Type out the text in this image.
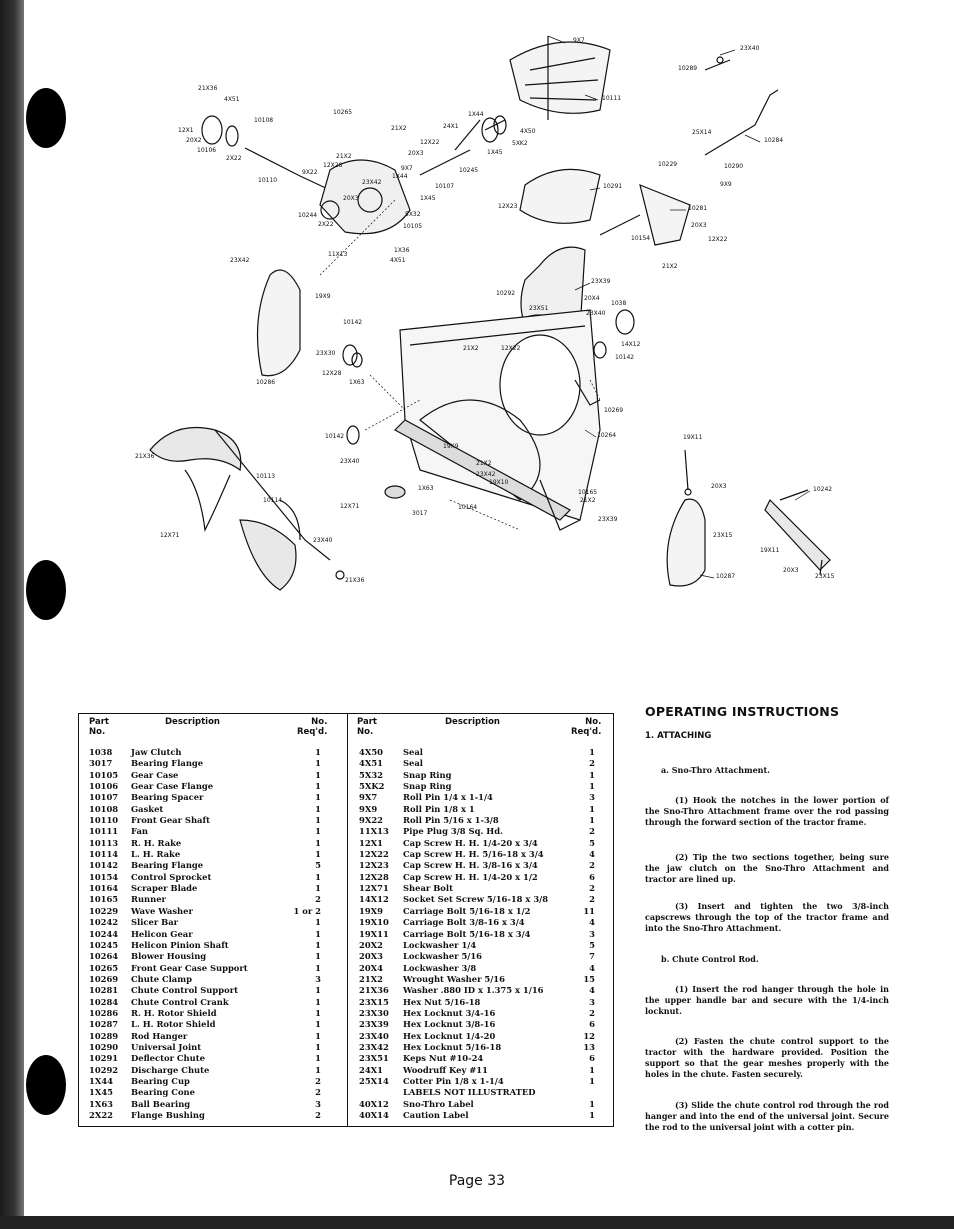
9X7
23X40
10289
10111
21X36
4X51
10108
12X1
20X2
10106
2X22
10265
21X2
12X22
20X3
21X2
12X28
1X44
24X1
4X50
5XK2
1X45
25X14
10284
9X22
9X7	10245
1X44
10110	23X42
10107
10229	10290
9X9
10291
20X3	1X45
12X23	10281
10244	5X32
2X22	10105	20X3
10154	12X22
1X36
11X13
4X51
23X42
21X2
23X39
10292
20X4
1038
19X9
23X51
23X40
10142
14X12
21X2	12X22
23X30
10142
12X28
1X63
10286
10269
10142	10264	19X11
19X9
21X36
23X40	21X2
23X42
10113
19X10
1X63	20X3	10242
10165
21X2
10114
12X71	10164
3017
23X39
12X71	23X15
23X40
19X11
20X3
10287	23X15
21X36
Part
No.
Description	No.
Req'd.
1038 Jaw Clutch	1
3017 Bearing Flange	1
10105 Gear Case	1
10106 Gear Case Flange	1
10107 Bearing Spacer	1
10108 Gasket	1
10110 Front Gear Shaft	1
10111 Fan	1
10113 R. H. Rake	1
10114 L. H. Rake	1
10142 Bearing Flange	5
10154 Control Sprocket	1
10164 Scraper Blade	1
10165 Runner	2
10229 Wave Washer	1 or 2
10242 Slicer Bar	1
10244 Helicon Gear	1
10245 Helicon Pinion Shaft	1
10264 Blower Housing	1
10265 Front Gear Case Support	1
10269 Chute Clamp	3
10281 Chute Control Support	1
10284 Chute Control Crank	1
10286 R. H. Rotor Shield	1
10287 L. H. Rotor Shield	1
10289 Rod Hanger	1
10290 Universal Joint	1
10291 Deflector Chute	1
10292 Discharge Chute	1
1X44 Bearing Cup	2
1X45 Bearing Cone	2
1X63 Ball Bearing	3
2X22 Flange Bushing	2
Part
No.
Description	No.
Req'd.
4X50 Seal	1
4X51 Seal	2
5X32 Snap Ring	1
5XK2 Snap Ring	1
9X7	Roll Pin 1/4 x 1-1/4	3
9X9	Roll Pin 1/8 x 1	1
9X22 Roll Pin 5/16 x 1-3/8	1
11X13 Pipe Plug 3/8 Sq. Hd.	2
12X1 Cap Screw H. H. 1/4-20 x 3/4	5
12X22 Cap Screw H. H. 5/16-18 x 3/4	4
12X23 Cap Screw H. H. 3/8-16 x 3/4	2
12X28 Cap Screw H. H. 1/4-20 x 1/2	6
12X71 Shear Bolt	2
14X12 Socket Set Screw 5/16-18 x 3/8	2
19X9 Carriage Bolt 5/16-18 x 1/2	11
19X10 Carriage Bolt 3/8-16 x 3/4	4
19X11 Carriage Bolt 5/16-18 x 3/4	3
20X2 Lockwasher 1/4	5
20X3 Lockwasher 5/16	7
20X4 Lockwasher 3/8	4
21X2 Wrought Washer 5/16	15
21X36 Washer .880 ID x 1.375 x 1/16	4
23X15 Hex Nut 5/16-18	3
23X30 Hex Locknut 3/4-16	2
23X39 Hex Locknut 3/8-16	6
23X40 Hex Locknut 1/4-20	12
23X42 Hex Locknut 5/16-18	13
23X51 Keps Nut #10-24	6
24X1 Woodruff Key #11	1
25X14 Cotter Pin 1/8 x 1-1/4	1
LABELS NOT ILLUSTRATED
40X12 Sno-Thro Label	1
40X14 Caution Label	1
OPERATING INSTRUCTIONS
1. ATTACHING
a. Sno-Thro Attachment.
(1) Hook the notches in the lower portion of the Sno-Thro Attachment frame over the rod passing through the forward section of the tractor frame.
(2) Tip the two sections together, being sure the jaw clutch on the Sno-Thro Attachment and tractor are lined up.
(3) Insert and tighten the two 3/8-inch capscrews through the top of the tractor frame and into the Sno-Thro Attachment.
b. Chute Control Rod.
(1) Insert the rod hanger through the hole in the upper handle bar and secure with the 1/4-inch locknut.
(2) Fasten the chute control support to the tractor with the hardware provided. Position the support so that the gear meshes properly with the holes in the chute. Fasten securely.
(3) Slide the chute control rod through the rod hanger and into the end of the universal joint. Secure the rod to the universal joint with a cotter pin.
Page 33
